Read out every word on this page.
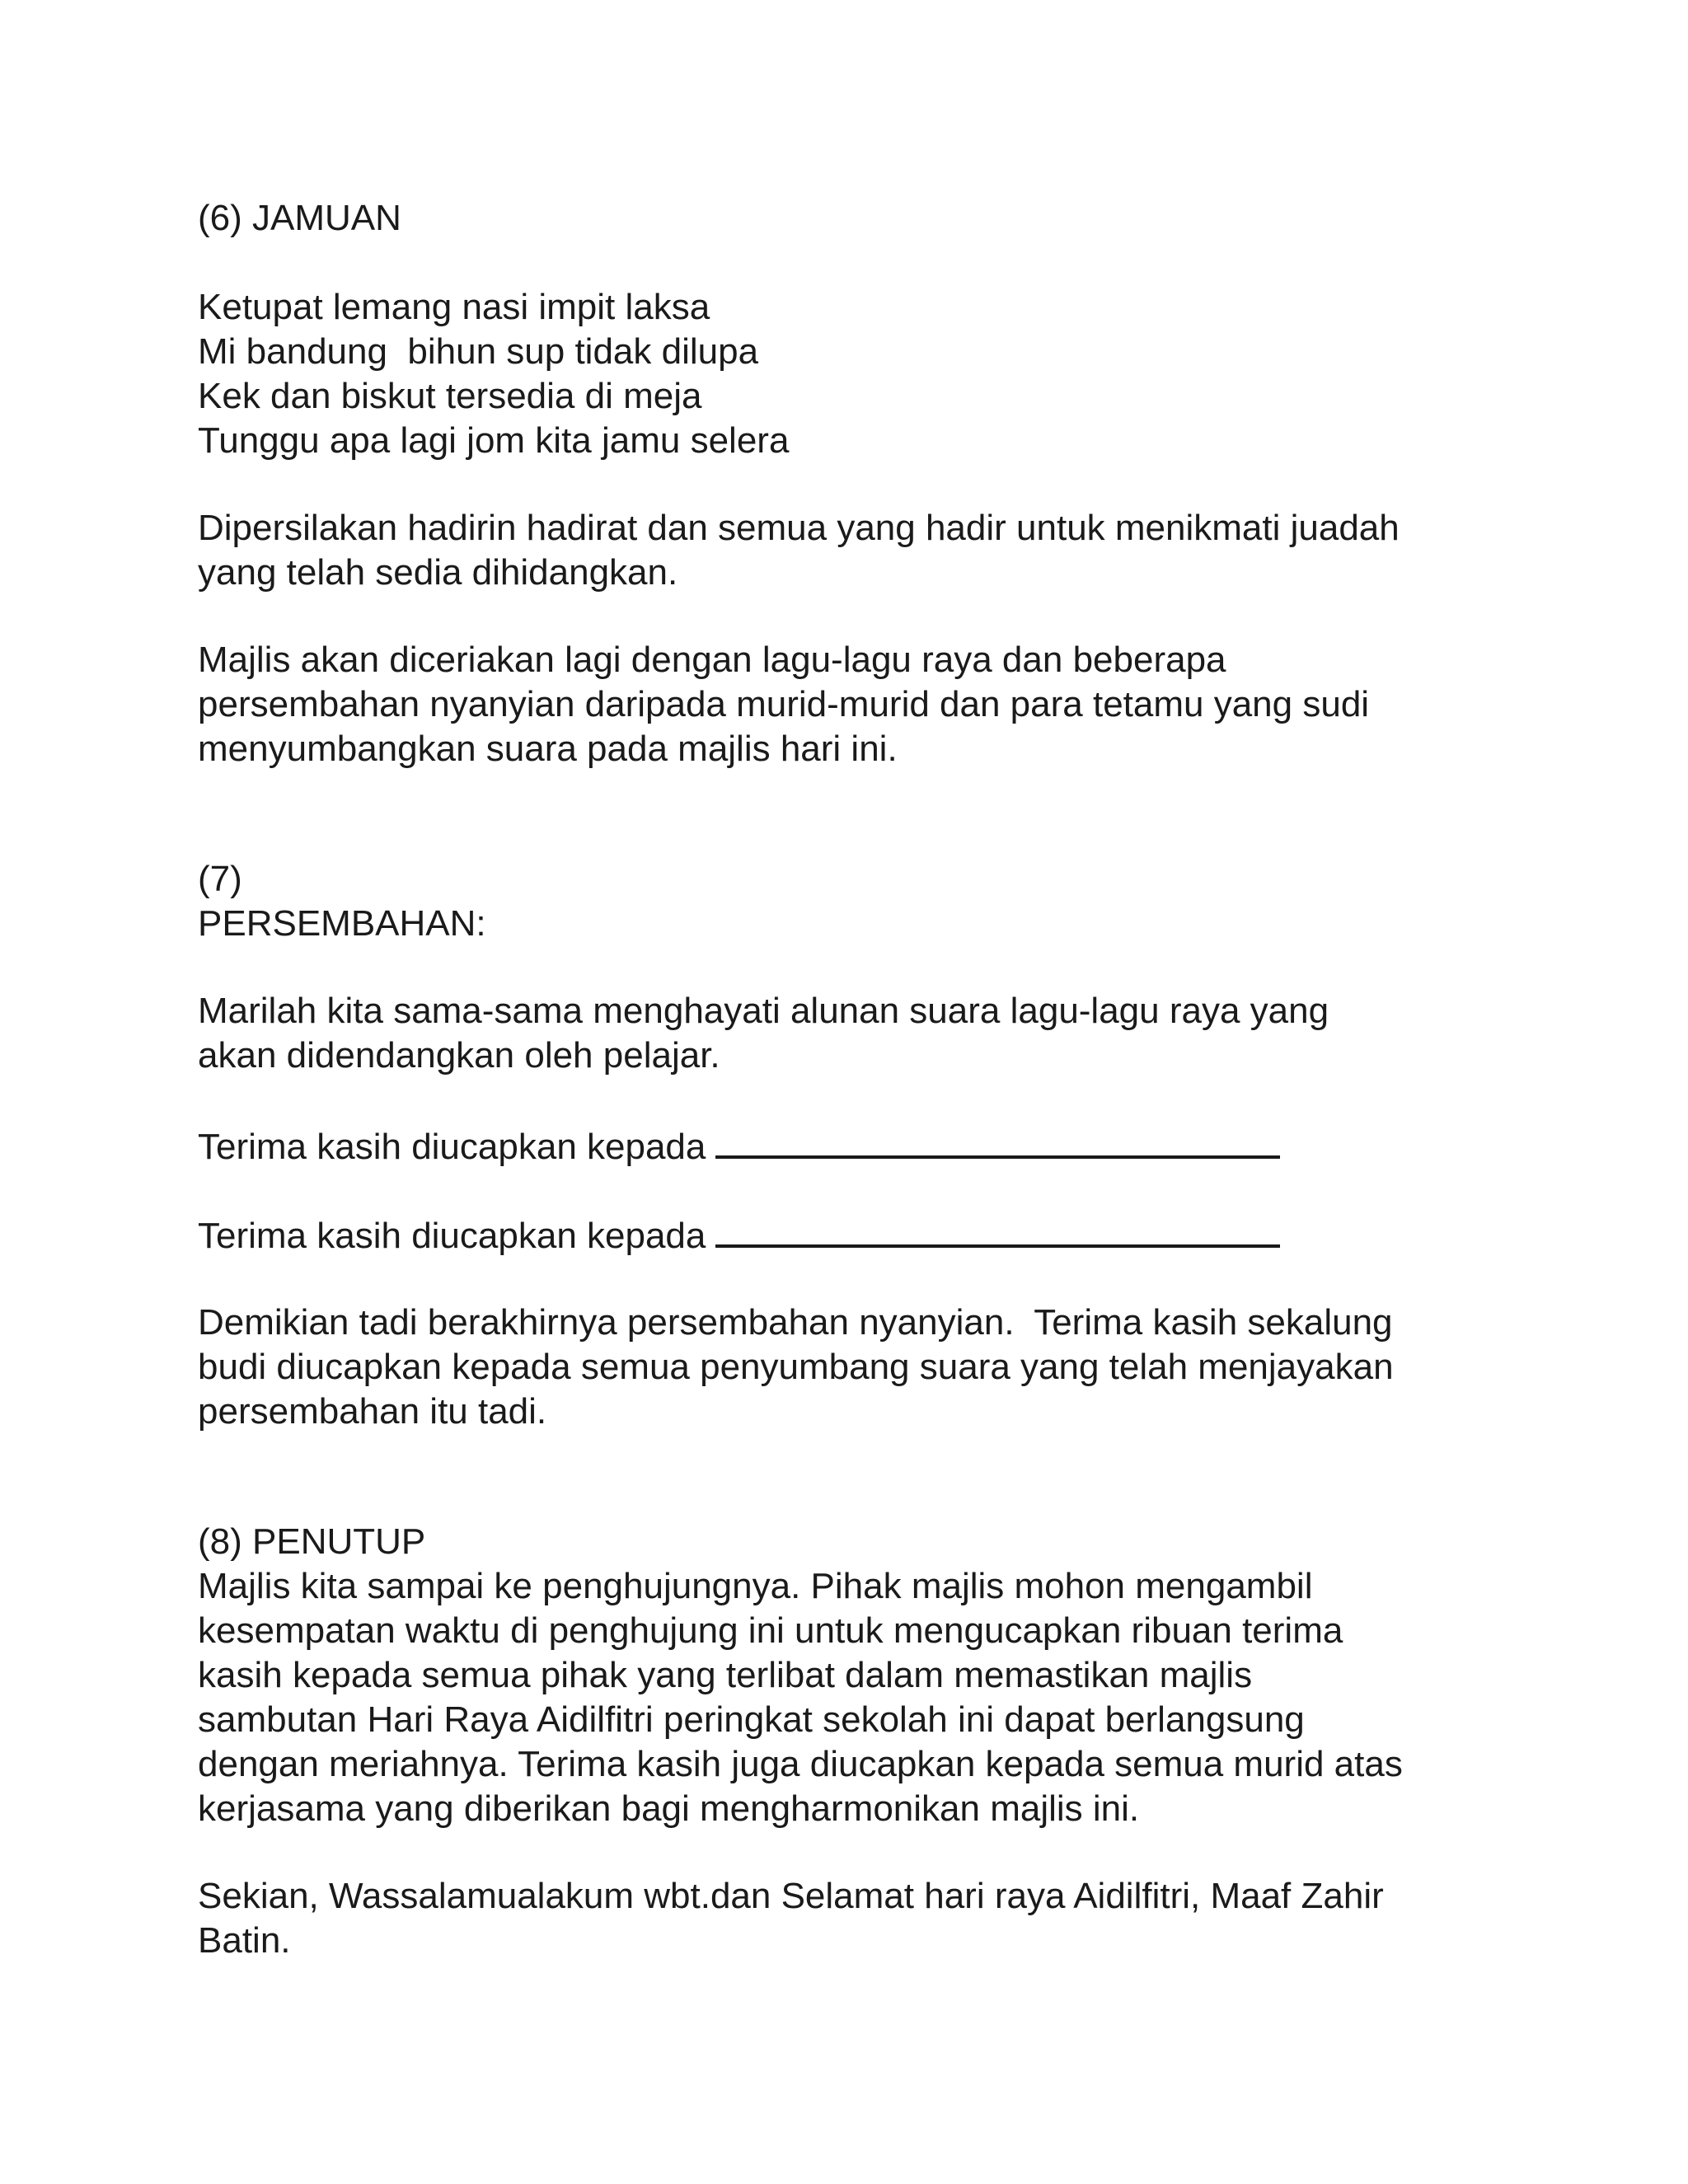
(6) JAMUAN

Ketupat lemang nasi impit laksa

Mi bandung  bihun sup tidak dilupa

Kek dan biskut tersedia di meja

Tunggu apa lagi jom kita jamu selera

Dipersilakan hadirin hadirat dan semua yang hadir untuk menikmati juadah

yang telah sedia dihidangkan.

Majlis akan diceriakan lagi dengan lagu-lagu raya dan beberapa

persembahan nyanyian daripada murid-murid dan para tetamu yang sudi

menyumbangkan suara pada majlis hari ini.

(7)

PERSEMBAHAN:

Marilah kita sama-sama menghayati alunan suara lagu-lagu raya yang

akan didendangkan oleh pelajar.

Terima kasih diucapkan kepada

Terima kasih diucapkan kepada

Demikian tadi berakhirnya persembahan nyanyian.  Terima kasih sekalung

budi diucapkan kepada semua penyumbang suara yang telah menjayakan

persembahan itu tadi.

(8) PENUTUP

Majlis kita sampai ke penghujungnya. Pihak majlis mohon mengambil

kesempatan waktu di penghujung ini untuk mengucapkan ribuan terima

kasih kepada semua pihak yang terlibat dalam memastikan majlis

sambutan Hari Raya Aidilfitri peringkat sekolah ini dapat berlangsung

dengan meriahnya. Terima kasih juga diucapkan kepada semua murid atas

kerjasama yang diberikan bagi mengharmonikan majlis ini.

Sekian, Wassalamualakum wbt.dan Selamat hari raya Aidilfitri, Maaf Zahir

Batin.
